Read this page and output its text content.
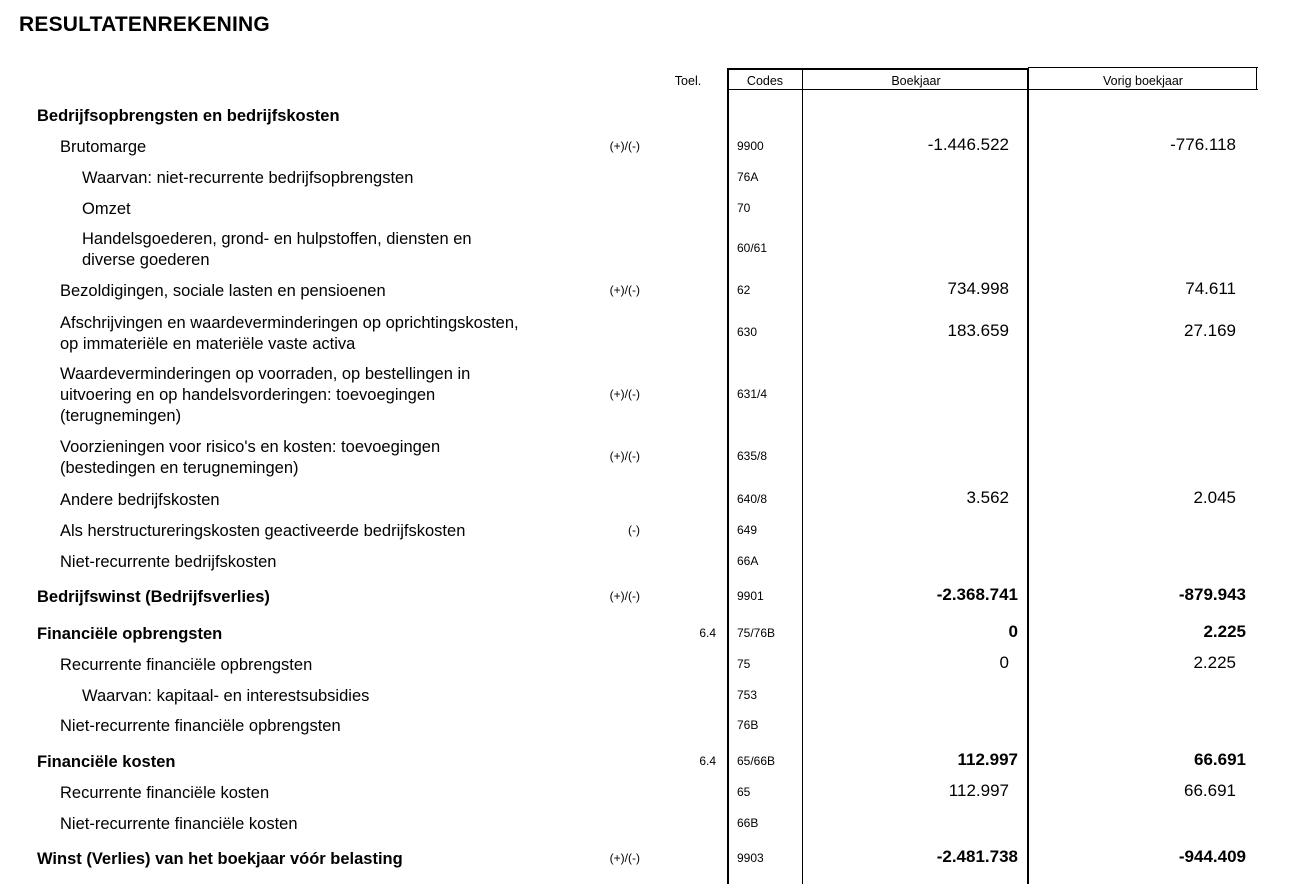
RESULTATENREKENING
Toel.	Codes	Boekjaar	Vorig boekjaar
Bedrijfsopbrengsten en bedrijfskosten
Brutomarge	(+)/(-)	9900	-1.446.522	-776.118
Waarvan: niet-recurrente bedrijfsopbrengsten	76A
Omzet	70
Handelsgoederen, grond- en hulpstoffen, diensten en
diverse goederen
60/61
Bezoldigingen, sociale lasten en pensioenen	(+)/(-)	62	734.998	74.611
Afschrijvingen en waardeverminderingen op oprichtingskosten,
op immateriële en materiële vaste activa
630	183.659	27.169
Waardeverminderingen op voorraden, op bestellingen in
uitvoering en op handelsvorderingen: toevoegingen
(terugnemingen)
(+)/(-)	631/4
Voorzieningen voor risico's en kosten: toevoegingen
(bestedingen en terugnemingen)
(+)/(-)	635/8
Andere bedrijfskosten	640/8	3.562	2.045
Als herstructureringskosten geactiveerde bedrijfskosten	(-)	649
Niet-recurrente bedrijfskosten	66A
Bedrijfswinst (Bedrijfsverlies)	(+)/(-)	9901	-2.368.741	-879.943
Financiële opbrengsten	6.4 75/76B	0	2.225
Recurrente financiële opbrengsten	75	0	2.225
Waarvan: kapitaal- en interestsubsidies	753
Niet-recurrente financiële opbrengsten	76B
Financiële kosten	6.4 65/66B	112.997	66.691
Recurrente financiële kosten	65	112.997	66.691
Niet-recurrente financiële kosten	66B
Winst (Verlies) van het boekjaar vóór belasting	(+)/(-)	9903	-2.481.738	-944.409
